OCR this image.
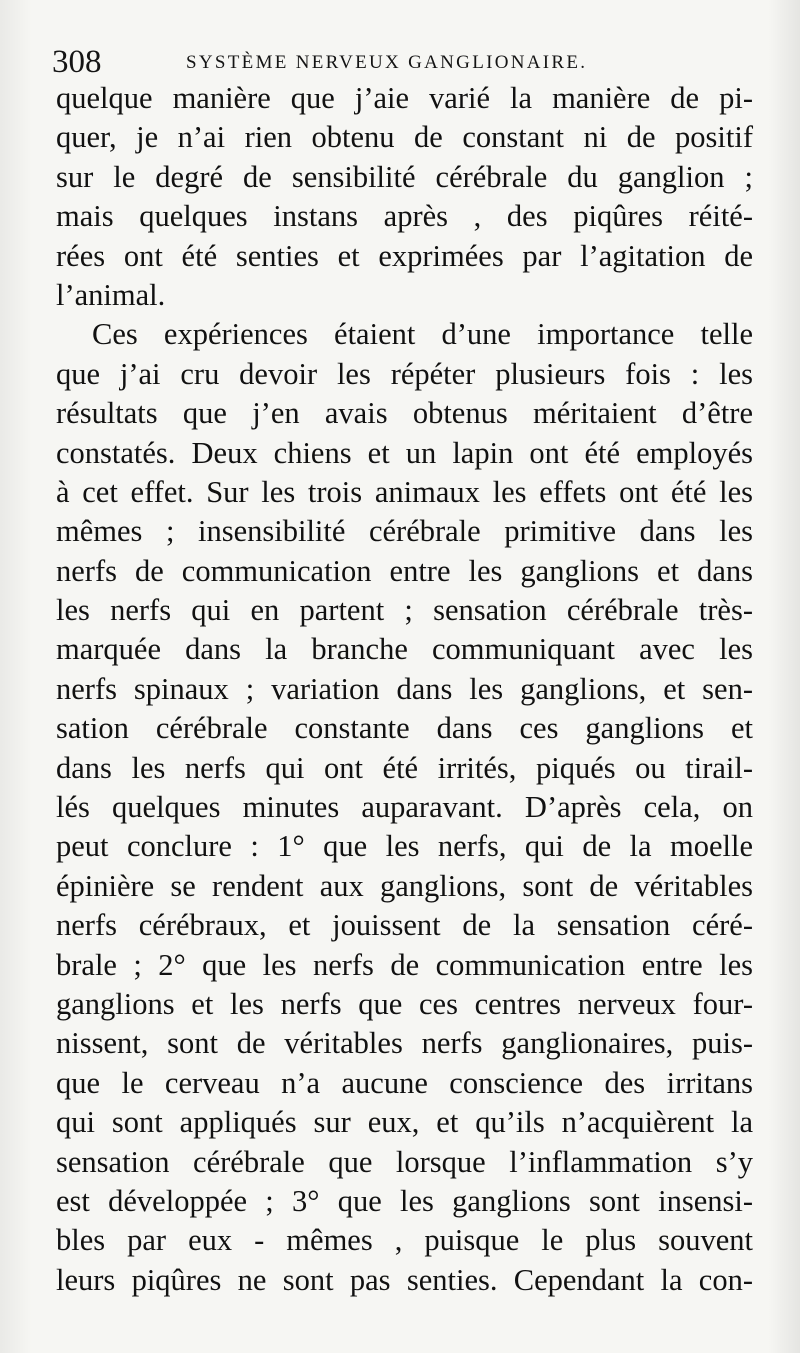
308	SYSTÈME NERVEUX GANGLIONAIRE.
quelque manière que j’aie varié la manière de pi-
quer, je n’ai rien obtenu de constant ni de positif
sur le degré de sensibilité cérébrale du ganglion ;
mais quelques instans après , des piqûres réité-
rées ont été senties et exprimées par l’agitation de
l’animal.
Ces expériences étaient d’une importance telle
que j’ai cru devoir les répéter plusieurs fois : les
résultats que j’en avais obtenus méritaient d’être
constatés. Deux chiens et un lapin ont été employés
à cet effet. Sur les trois animaux les effets ont été les
mêmes ; insensibilité cérébrale primitive dans les
nerfs de communication entre les ganglions et dans
les nerfs qui en partent ; sensation cérébrale très-
marquée dans la branche communiquant avec les
nerfs spinaux ; variation dans les ganglions, et sen-
sation cérébrale constante dans ces ganglions et
dans les nerfs qui ont été irrités, piqués ou tirail-
lés quelques minutes auparavant. D’après cela, on
peut conclure : 1° que les nerfs, qui de la moelle
épinière se rendent aux ganglions, sont de véritables
nerfs cérébraux, et jouissent de la sensation céré-
brale ; 2° que les nerfs de communication entre les
ganglions et les nerfs que ces centres nerveux four-
nissent, sont de véritables nerfs ganglionaires, puis-
que le cerveau n’a aucune conscience des irritans
qui sont appliqués sur eux, et qu’ils n’acquièrent la
sensation cérébrale que lorsque l’inflammation s’y
est développée ; 3° que les ganglions sont insensi-
bles par eux - mêmes , puisque le plus souvent
leurs piqûres ne sont pas senties. Cependant la con-
